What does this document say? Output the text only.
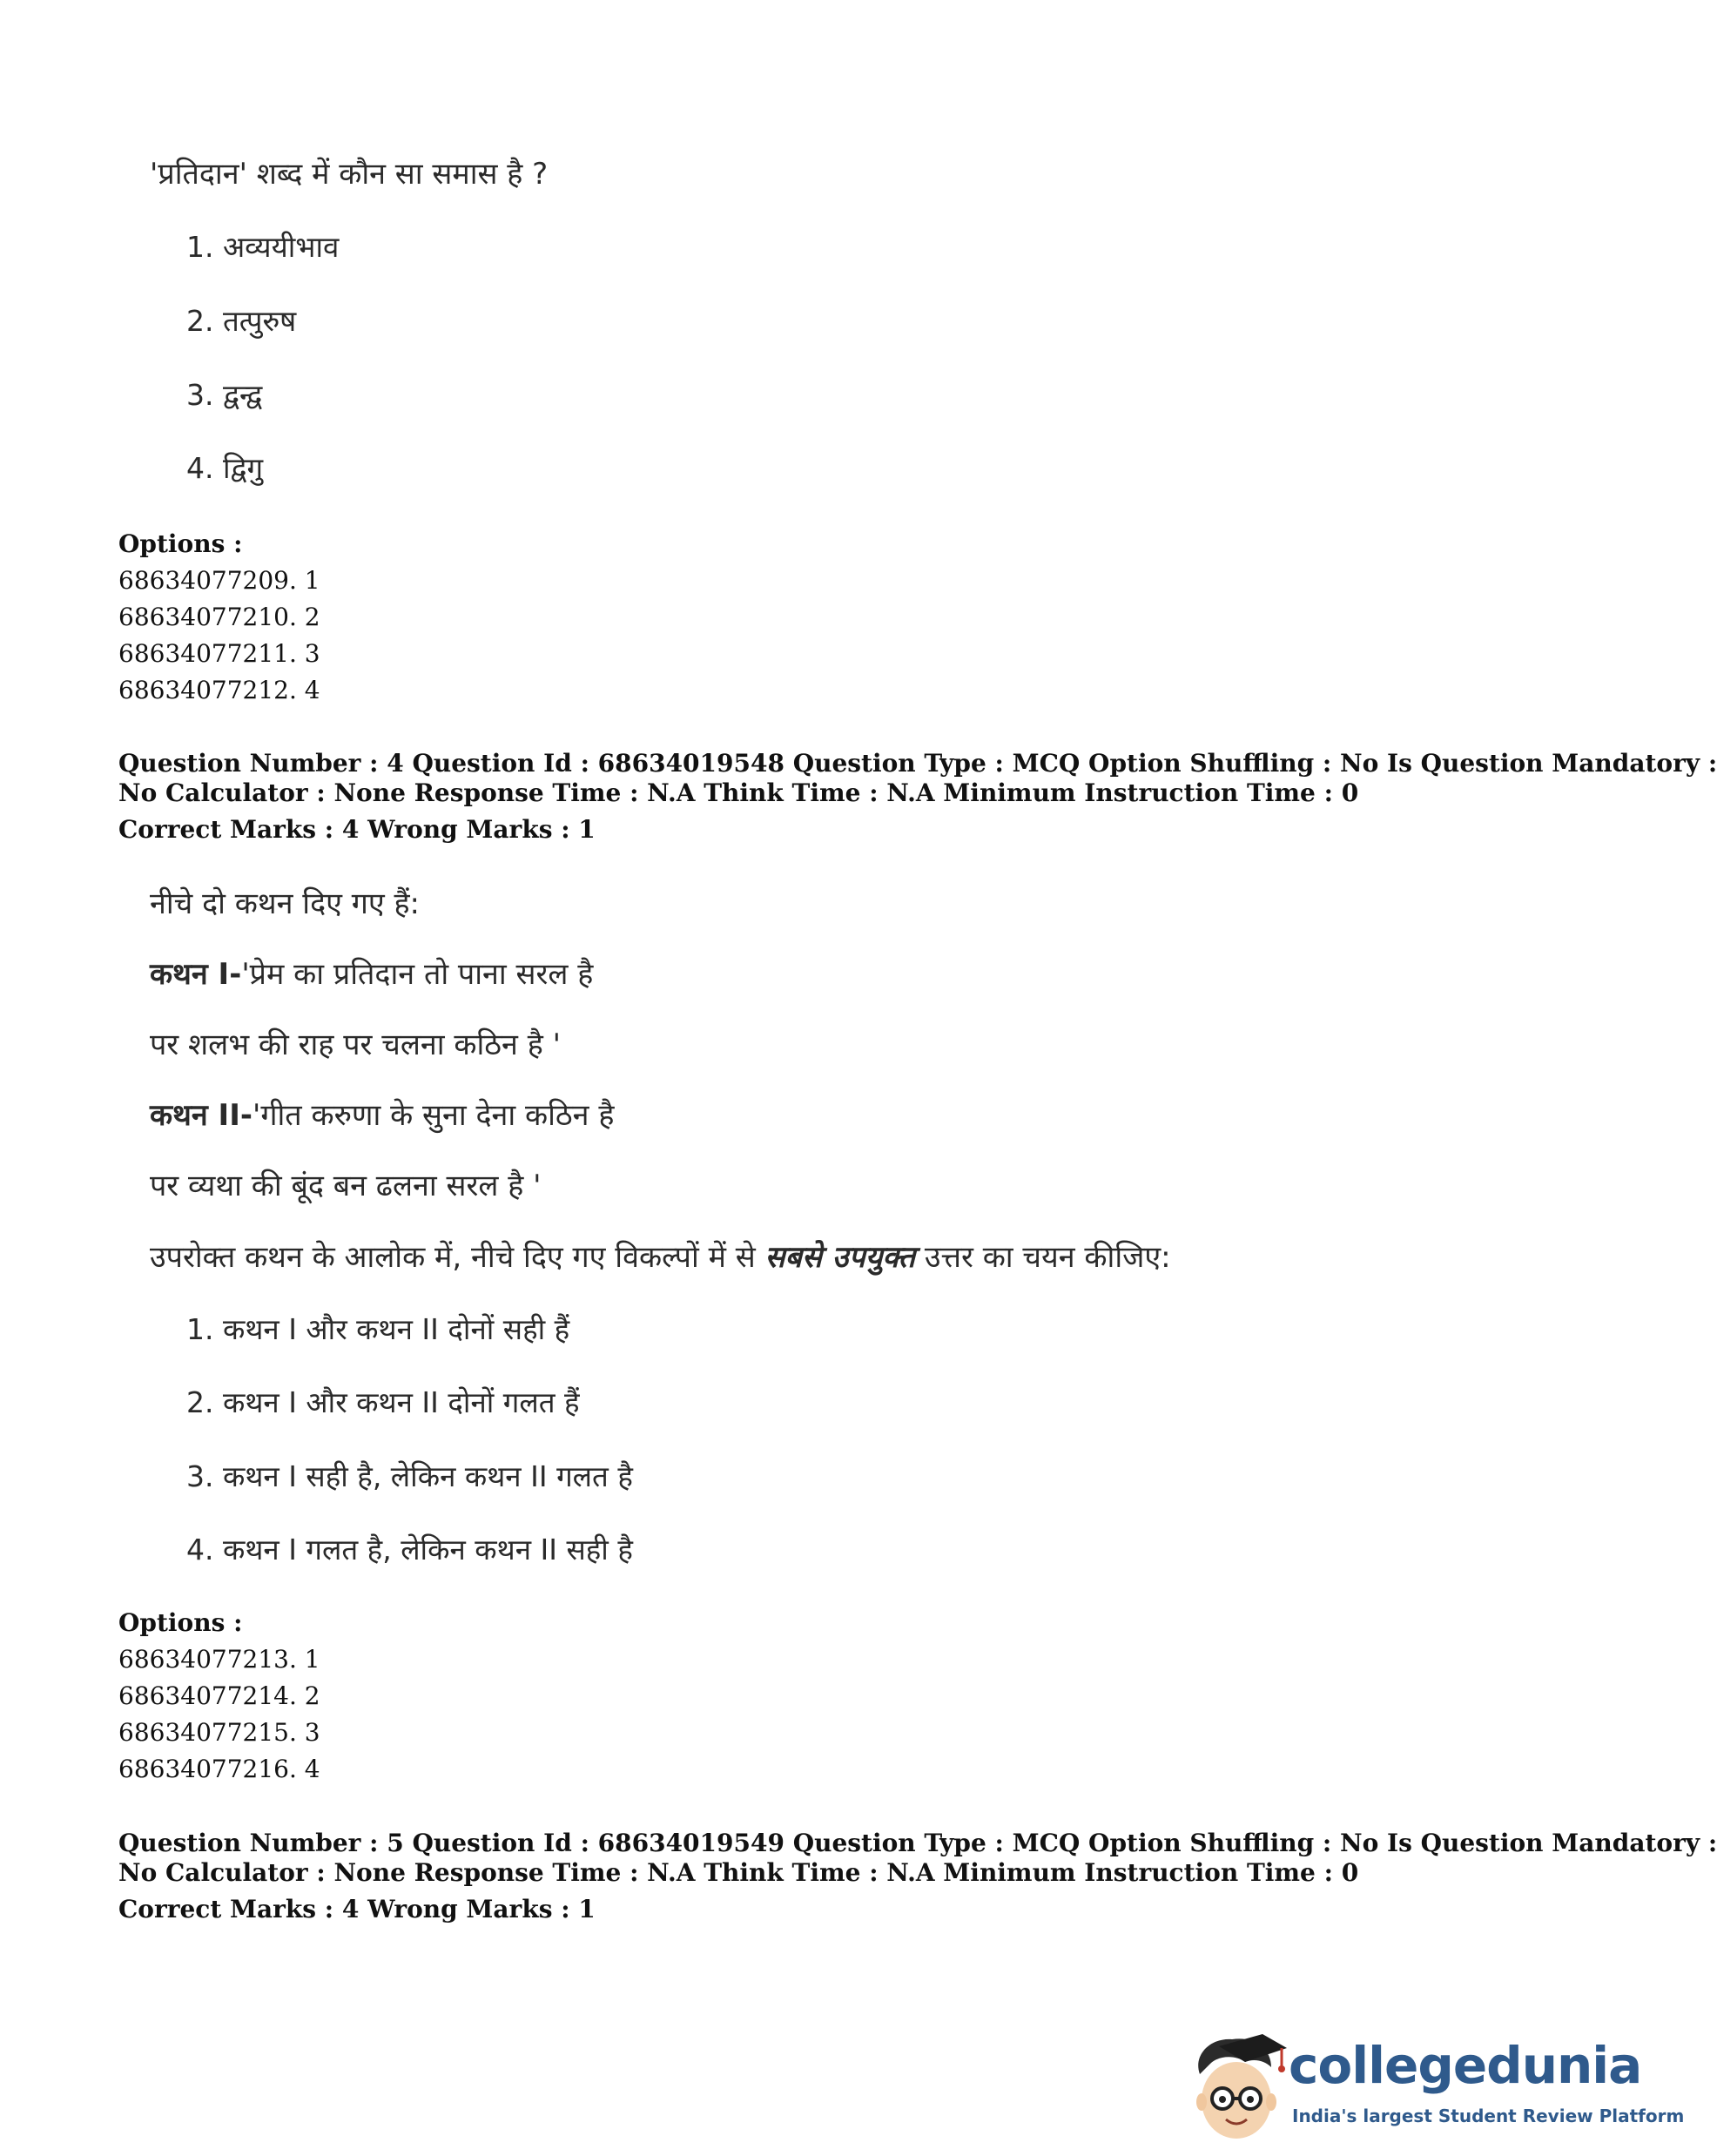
'प्रतिदान' शब्द में कौन सा समास है ?

1. अव्ययीभाव

2. तत्पुरुष

3. द्वन्द्व

4. द्विगु

Options :
68634077209. 1
68634077210. 2
68634077211. 3
68634077212. 4
Question Number : 4 Question Id : 68634019548 Question Type : MCQ Option Shuffling : No Is Question Mandatory :
No Calculator : None Response Time : N.A Think Time : N.A Minimum Instruction Time : 0
Correct Marks : 4 Wrong Marks : 1

नीचे दो कथन दिए गए हैं:

कथन I-'प्रेम का प्रतिदान तो पाना सरल है

पर शलभ की राह पर चलना कठिन है '

कथन II-'गीत करुणा के सुना देना कठिन है

पर व्यथा की बूंद बन ढलना सरल है '

उपरोक्त कथन के आलोक में, नीचे दिए गए विकल्पों में से सबसे उपयुक्त उत्तर का चयन कीजिए:

1. कथन I और कथन II दोनों सही हैं

2. कथन I और कथन II दोनों गलत हैं

3. कथन I सही है, लेकिन कथन II गलत है

4. कथन I गलत है, लेकिन कथन II सही है

Options :
68634077213. 1
68634077214. 2
68634077215. 3
68634077216. 4
Question Number : 5 Question Id : 68634019549 Question Type : MCQ Option Shuffling : No Is Question Mandatory :
No Calculator : None Response Time : N.A Think Time : N.A Minimum Instruction Time : 0
Correct Marks : 4 Wrong Marks : 1
collegedunia
India's largest Student Review Platform
